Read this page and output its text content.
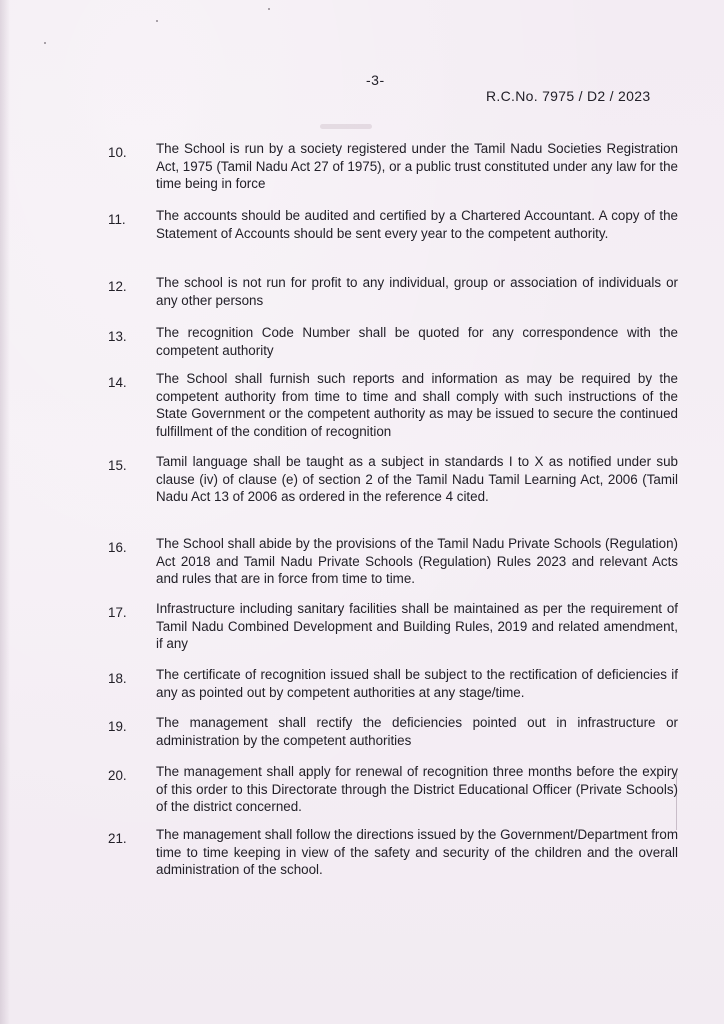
-3-
R.C.No. 7975 / D2 / 2023
10.	The School is run by a society registered under the Tamil Nadu Societies Registration Act, 1975 (Tamil Nadu Act 27 of 1975), or a public trust constituted under any law for the time being in force
11.	The accounts should be audited and certified by a Chartered Accountant. A copy of the Statement of Accounts should be sent every year to the competent authority.
12.	The school is not run for profit to any individual, group or association of individuals or any other persons
13.	The recognition Code Number shall be quoted for any correspondence with the competent authority
14.	The School shall furnish such reports and information as may be required by the competent authority from time to time and shall comply with such instructions of the State Government or the competent authority as may be issued to secure the continued fulfillment of the condition of recognition
15.	Tamil language shall be taught as a subject in standards I to X as notified under sub clause (iv) of clause (e) of section 2 of the Tamil Nadu Tamil Learning Act, 2006 (Tamil Nadu Act 13 of 2006 as ordered in the reference 4 cited.
16.	The School shall abide by the provisions of the Tamil Nadu Private Schools (Regulation) Act 2018 and Tamil Nadu Private Schools (Regulation) Rules 2023 and relevant Acts and rules that are in force from time to time.
17.	Infrastructure including sanitary facilities shall be maintained as per the requirement of Tamil Nadu Combined Development and Building Rules, 2019 and related amendment, if any
18.	The certificate of recognition issued shall be subject to the rectification of deficiencies if any as pointed out by competent authorities at any stage/time.
19.	The management shall rectify the deficiencies pointed out in infrastructure or administration by the competent authorities
20.	The management shall apply for renewal of recognition three months before the expiry of this order to this Directorate through the District Educational Officer (Private Schools) of the district concerned.
21.	The management shall follow the directions issued by the Government/Department from time to time keeping in view of the safety and security of the children and the overall administration of the school.
